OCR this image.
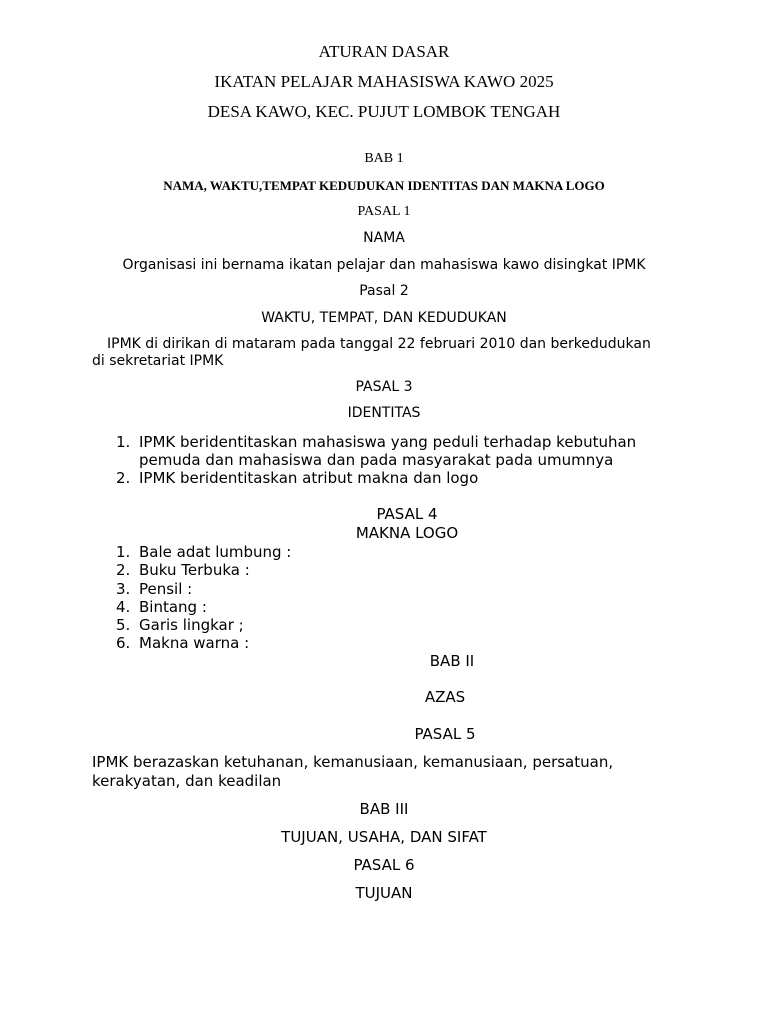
ATURAN DASAR
IKATAN PELAJAR MAHASISWA KAWO 2025
DESA KAWO, KEC. PUJUT LOMBOK TENGAH
BAB 1
NAMA, WAKTU,TEMPAT KEDUDUKAN IDENTITAS DAN MAKNA LOGO
PASAL 1
NAMA
Organisasi ini bernama ikatan pelajar dan mahasiswa kawo disingkat IPMK
Pasal 2
WAKTU, TEMPAT, DAN KEDUDUKAN
IPMK di dirikan di mataram pada tanggal 22 februari 2010 dan berkedudukan
di sekretariat IPMK
PASAL 3
IDENTITAS
1. IPMK beridentitaskan mahasiswa yang peduli terhadap kebutuhan
pemuda dan mahasiswa dan pada masyarakat pada umumnya
2. IPMK beridentitaskan atribut makna dan logo
PASAL 4
MAKNA LOGO
1. Bale adat lumbung :
2. Buku Terbuka :
3. Pensil :
4. Bintang :
5. Garis lingkar ;
6. Makna warna :
BAB II
AZAS
PASAL 5
IPMK berazaskan ketuhanan, kemanusiaan, kemanusiaan, persatuan,
kerakyatan, dan keadilan
BAB III
TUJUAN, USAHA, DAN SIFAT
PASAL 6
TUJUAN
